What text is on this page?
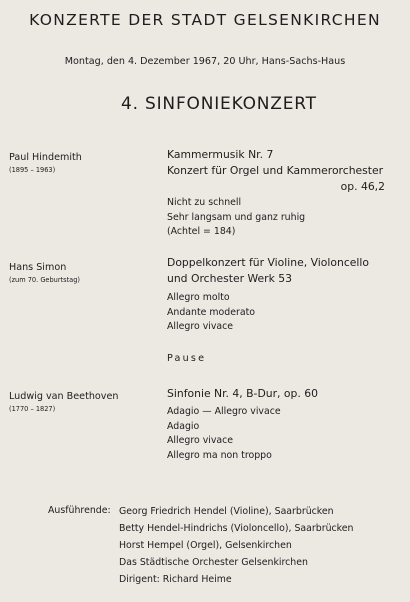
KONZERTE DER STADT GELSENKIRCHEN
Montag, den 4. Dezember 1967, 20 Uhr, Hans-Sachs-Haus
4. SINFONIEKONZERT
Paul Hindemith
(1895 – 1963)
Kammermusik Nr. 7
Konzert für Orgel und Kammerorchester
op. 46,2
Nicht zu schnell
Sehr langsam und ganz ruhig
(Achtel = 184)
Hans Simon
(zum 70. Geburtstag)
Doppelkonzert für Violine, Violoncello
und Orchester Werk 53
Allegro molto
Andante moderato
Allegro vivace
Pause
Ludwig van Beethoven
(1770 – 1827)
Sinfonie Nr. 4, B-Dur, op. 60
Adagio — Allegro vivace
Adagio
Allegro vivace
Allegro ma non troppo
Ausführende: Georg Friedrich Hendel (Violine), Saarbrücken
Betty Hendel-Hindrichs (Violoncello), Saarbrücken
Horst Hempel (Orgel), Gelsenkirchen
Das Städtische Orchester Gelsenkirchen
Dirigent: Richard Heime
